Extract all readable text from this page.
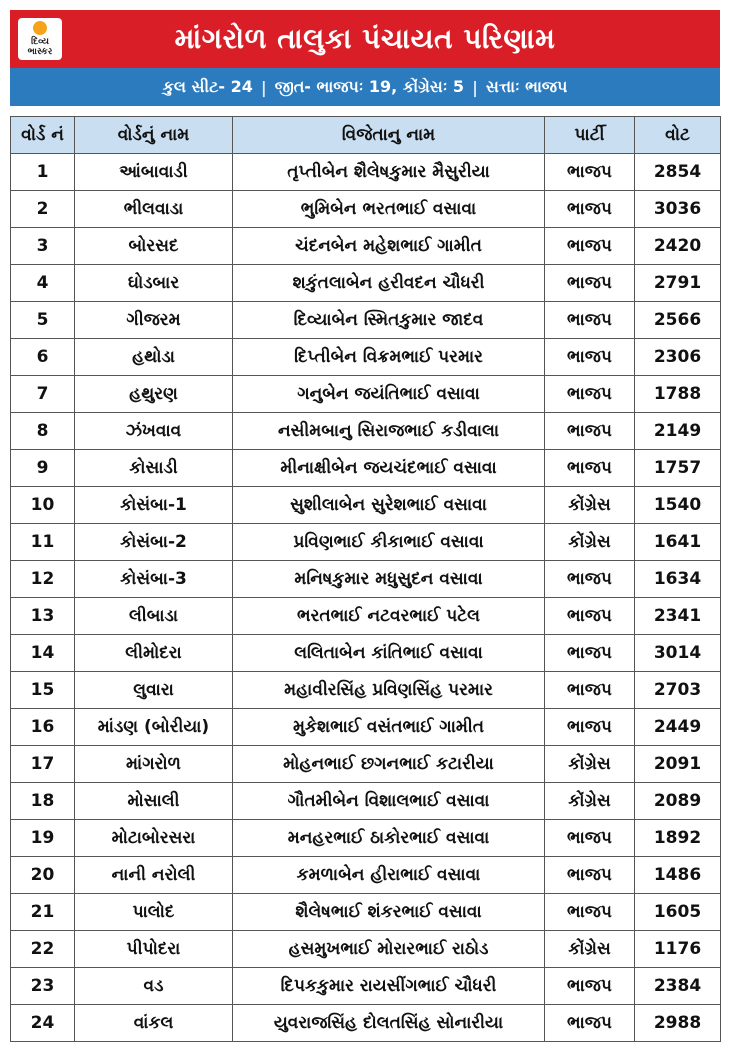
દિવ્ય
ભાસ્કર	માંગરોળ તાલુકા પંચાયત પરિણામ
કુલ સીટ- 24 | જીત- ભાજપઃ 19, કોંગ્રેસઃ 5 | સત્તાઃ ભાજપ
વોર્ડ નં	વોર્ડનું નામ	વિજેતાનુ નામ	પાર્ટી	વોટ
1	આંબાવાડી	તૃપ્તીબેન શૈલેષકુમાર મૈસુરીયા	ભાજપ	2854
2	ભીલવાડા	ભુમિબેન ભરતભાઈ વસાવા	ભાજપ	3036
3	બોરસદ	ચંદનબેન મહેશભાઈ ગામીત	ભાજપ	2420
4	ઘોડબાર	શકુંતલાબેન હરીવદન ચૌધરી	ભાજપ	2791
5	ગીજરમ	દિવ્યાબેન સ્મિતકુમાર જાદવ	ભાજપ	2566
6	હથોડા	દિપ્તીબેન વિક્રમભાઈ પરમાર	ભાજપ	2306
7	હથુરણ	ગનુબેન જયંતિભાઈ વસાવા	ભાજપ	1788
8	ઝંખવાવ	નસીમબાનુ સિરાજભાઈ કડીવાલા	ભાજપ	2149
9	કોસાડી	મીનાક્ષીબેન જયચંદભાઈ વસાવા	ભાજપ	1757
10	કોસંબા-1	સુશીલાબેન સુરેશભાઈ વસાવા	કોંગ્રેસ	1540
11	કોસંબા-2	પ્રવિણભાઈ કીકાભાઈ વસાવા	કોંગ્રેસ	1641
12	કોસંબા-3	મનિષકુમાર મધુસુદન વસાવા	ભાજપ	1634
13	લીબાડા	ભરતભાઈ નટવરભાઈ પટેલ	ભાજપ	2341
14	લીમોદરા	લલિતાબેન કાંતિભાઈ વસાવા	ભાજપ	3014
15	લુવારા	મહાવીરસિંહ પ્રવિણસિંહ પરમાર	ભાજપ	2703
16	માંડણ (બોરીયા)	મુકેશભાઈ વસંતભાઈ ગામીત	ભાજપ	2449
17	માંગરોળ	મોહનભાઈ છગનભાઈ કટારીયા	કોંગ્રેસ	2091
18	મોસાલી	ગૌતમીબેન વિશાલભાઈ વસાવા	કોંગ્રેસ	2089
19	મોટાબોરસરા	મનહરભાઈ ઠાકોરભાઈ વસાવા	ભાજપ	1892
20	નાની નરોલી	કમળાબેન હીરાભાઈ વસાવા	ભાજપ	1486
21	પાલોદ	શૈલેષભાઈ શંકરભાઈ વસાવા	ભાજપ	1605
22	પીપોદરા	હસમુખભાઈ મોરારભાઈ રાઠોડ	કોંગ્રેસ	1176
23	વડ	દિપકકુમાર રાયસીંગભાઈ ચૌધરી	ભાજપ	2384
24	વાંકલ	યુવરાજસિંહ દોલતસિંહ સોનારીયા	ભાજપ	2988
